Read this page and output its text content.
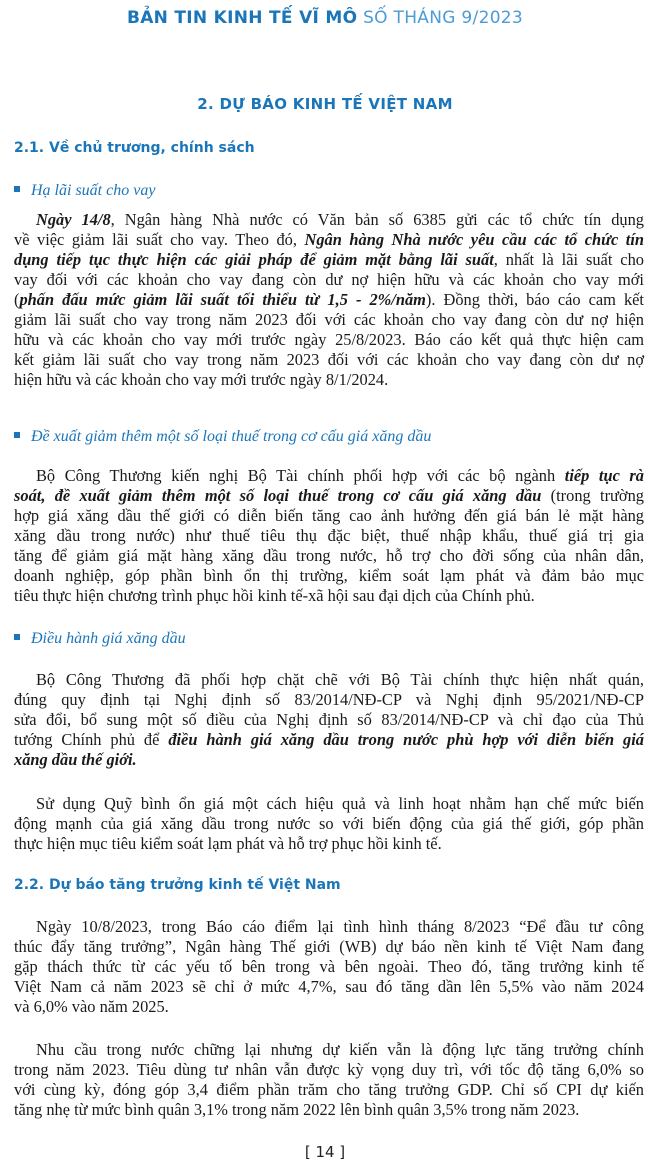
BẢN TIN KINH TẾ VĨ MÔ SỐ THÁNG 9/2023
2. DỰ BÁO KINH TẾ VIỆT NAM
2.1. Về chủ trương, chính sách
Hạ lãi suất cho vay
Ngày 14/8, Ngân hàng Nhà nước có Văn bản số 6385 gửi các tổ chức tín dụng
về việc giảm lãi suất cho vay. Theo đó, Ngân hàng Nhà nước yêu cầu các tổ chức tín
dụng tiếp tục thực hiện các giải pháp để giảm mặt bằng lãi suất, nhất là lãi suất cho
vay đối với các khoản cho vay đang còn dư nợ hiện hữu và các khoản cho vay mới
(phấn đấu mức giảm lãi suất tối thiểu từ 1,5 - 2%/năm). Đồng thời, báo cáo cam kết
giảm lãi suất cho vay trong năm 2023 đối với các khoản cho vay đang còn dư nợ hiện
hữu và các khoản cho vay mới trước ngày 25/8/2023. Báo cáo kết quả thực hiện cam
kết giảm lãi suất cho vay trong năm 2023 đối với các khoản cho vay đang còn dư nợ
hiện hữu và các khoản cho vay mới trước ngày 8/1/2024.
Đề xuất giảm thêm một số loại thuế trong cơ cấu giá xăng dầu
Bộ Công Thương kiến nghị Bộ Tài chính phối hợp với các bộ ngành tiếp tục rà
soát, đề xuất giảm thêm một số loại thuế trong cơ cấu giá xăng dầu (trong trường
hợp giá xăng dầu thế giới có diễn biến tăng cao ảnh hưởng đến giá bán lẻ mặt hàng
xăng dầu trong nước) như thuế tiêu thụ đặc biệt, thuế nhập khẩu, thuế giá trị gia
tăng để giảm giá mặt hàng xăng dầu trong nước, hỗ trợ cho đời sống của nhân dân,
doanh nghiệp, góp phần bình ổn thị trường, kiểm soát lạm phát và đảm bảo mục
tiêu thực hiện chương trình phục hồi kinh tế-xã hội sau đại dịch của Chính phủ.
Điều hành giá xăng dầu
Bộ Công Thương đã phối hợp chặt chẽ với Bộ Tài chính thực hiện nhất quán,
đúng quy định tại Nghị định số 83/2014/NĐ-CP và Nghị định 95/2021/NĐ-CP
sửa đổi, bổ sung một số điều của Nghị định số 83/2014/NĐ-CP và chỉ đạo của Thủ
tướng Chính phủ để điều hành giá xăng dầu trong nước phù hợp với diễn biến giá
xăng dầu thế giới.
Sử dụng Quỹ bình ổn giá một cách hiệu quả và linh hoạt nhằm hạn chế mức biến
động mạnh của giá xăng dầu trong nước so với biến động của giá thế giới, góp phần
thực hiện mục tiêu kiểm soát lạm phát và hỗ trợ phục hồi kinh tế.
2.2. Dự báo tăng trưởng kinh tế Việt Nam
Ngày 10/8/2023, trong Báo cáo điểm lại tình hình tháng 8/2023 “Để đầu tư công
thúc đẩy tăng trưởng”, Ngân hàng Thế giới (WB) dự báo nền kinh tế Việt Nam đang
gặp thách thức từ các yếu tố bên trong và bên ngoài. Theo đó, tăng trưởng kinh tế
Việt Nam cả năm 2023 sẽ chỉ ở mức 4,7%, sau đó tăng dần lên 5,5% vào năm 2024
và 6,0% vào năm 2025.
Nhu cầu trong nước chững lại nhưng dự kiến vẫn là động lực tăng trưởng chính
trong năm 2023. Tiêu dùng tư nhân vẫn được kỳ vọng duy trì, với tốc độ tăng 6,0% so
với cùng kỳ, đóng góp 3,4 điểm phần trăm cho tăng trưởng GDP. Chỉ số CPI dự kiến
tăng nhẹ từ mức bình quân 3,1% trong năm 2022 lên bình quân 3,5% trong năm 2023.
[ 14 ]
